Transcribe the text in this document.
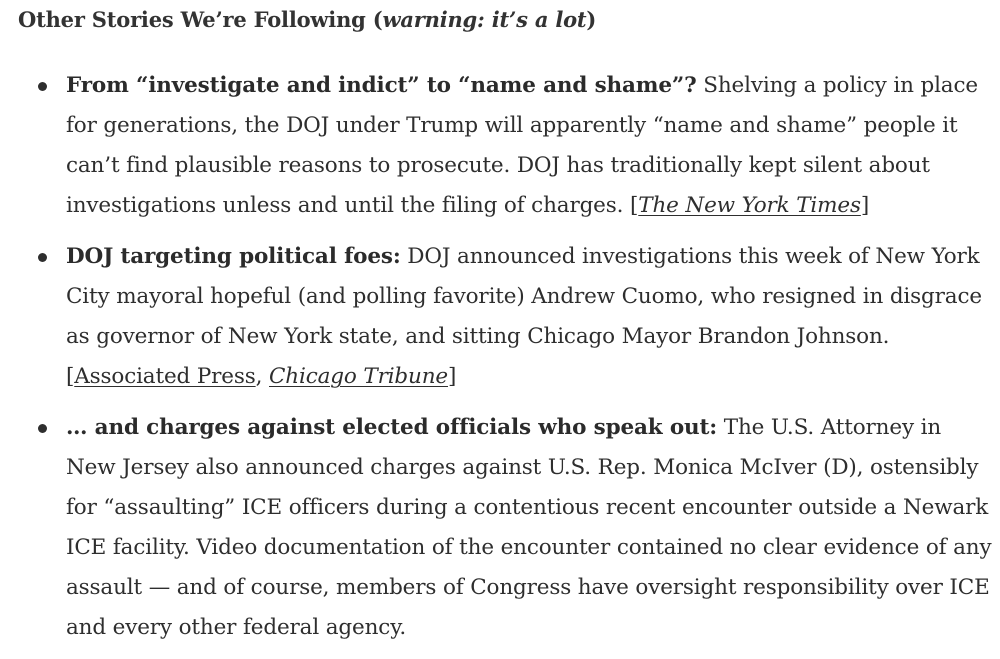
Other Stories We’re Following (warning: it’s a lot)
From “investigate and indict” to “name and shame”? Shelving a policy in place for generations, the DOJ under Trump will apparently “name and shame” people it can’t find plausible reasons to prosecute. DOJ has traditionally kept silent about investigations unless and until the filing of charges. [The New York Times]
DOJ targeting political foes: DOJ announced investigations this week of New York City mayoral hopeful (and polling favorite) Andrew Cuomo, who resigned in disgrace as governor of New York state, and sitting Chicago Mayor Brandon Johnson. [Associated Press, Chicago Tribune]
… and charges against elected officials who speak out: The U.S. Attorney in New Jersey also announced charges against U.S. Rep. Monica McIver (D), ostensibly for “assaulting” ICE officers during a contentious recent encounter outside a Newark ICE facility. Video documentation of the encounter contained no clear evidence of any assault — and of course, members of Congress have oversight responsibility over ICE and every other federal agency.
